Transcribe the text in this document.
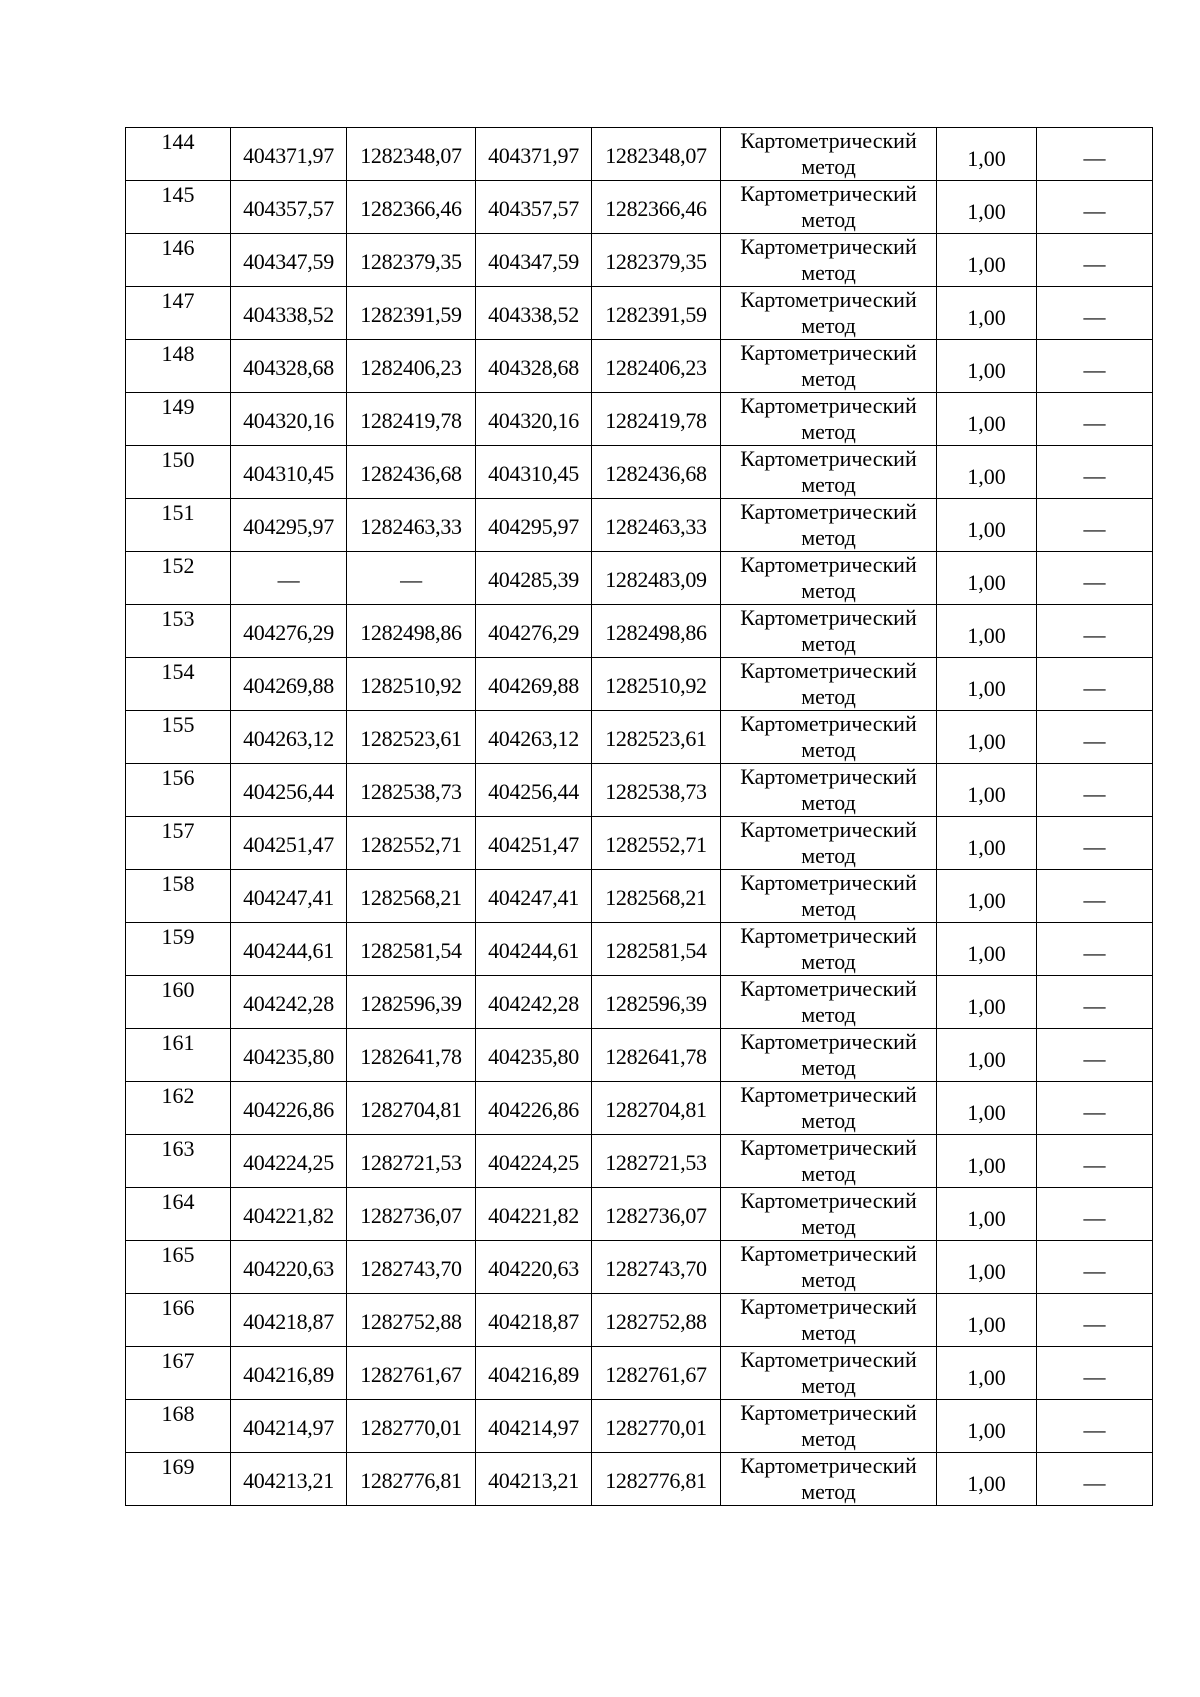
144	404371,97	1282348,07	404371,97	1282348,07	Картометрический
метод	1,00	—
145	404357,57	1282366,46	404357,57	1282366,46	Картометрический
метод	1,00	—
146	404347,59	1282379,35	404347,59	1282379,35	Картометрический
метод	1,00	—
147	404338,52	1282391,59	404338,52	1282391,59	Картометрический
метод	1,00	—
148	404328,68	1282406,23	404328,68	1282406,23	Картометрический
метод	1,00	—
149	404320,16	1282419,78	404320,16	1282419,78	Картометрический
метод	1,00	—
150	404310,45	1282436,68	404310,45	1282436,68	Картометрический
метод	1,00	—
151	404295,97	1282463,33	404295,97	1282463,33	Картометрический
метод	1,00	—
152	—	—	404285,39	1282483,09	Картометрический
метод	1,00	—
153	404276,29	1282498,86	404276,29	1282498,86	Картометрический
метод	1,00	—
154	404269,88	1282510,92	404269,88	1282510,92	Картометрический
метод	1,00	—
155	404263,12	1282523,61	404263,12	1282523,61	Картометрический
метод	1,00	—
156	404256,44	1282538,73	404256,44	1282538,73	Картометрический
метод	1,00	—
157	404251,47	1282552,71	404251,47	1282552,71	Картометрический
метод	1,00	—
158	404247,41	1282568,21	404247,41	1282568,21	Картометрический
метод	1,00	—
159	404244,61	1282581,54	404244,61	1282581,54	Картометрический
метод	1,00	—
160	404242,28	1282596,39	404242,28	1282596,39	Картометрический
метод	1,00	—
161	404235,80	1282641,78	404235,80	1282641,78	Картометрический
метод	1,00	—
162	404226,86	1282704,81	404226,86	1282704,81	Картометрический
метод	1,00	—
163	404224,25	1282721,53	404224,25	1282721,53	Картометрический
метод	1,00	—
164	404221,82	1282736,07	404221,82	1282736,07	Картометрический
метод	1,00	—
165	404220,63	1282743,70	404220,63	1282743,70	Картометрический
метод	1,00	—
166	404218,87	1282752,88	404218,87	1282752,88	Картометрический
метод	1,00	—
167	404216,89	1282761,67	404216,89	1282761,67	Картометрический
метод	1,00	—
168	404214,97	1282770,01	404214,97	1282770,01	Картометрический
метод	1,00	—
169	404213,21	1282776,81	404213,21	1282776,81	Картометрический
метод	1,00	—
